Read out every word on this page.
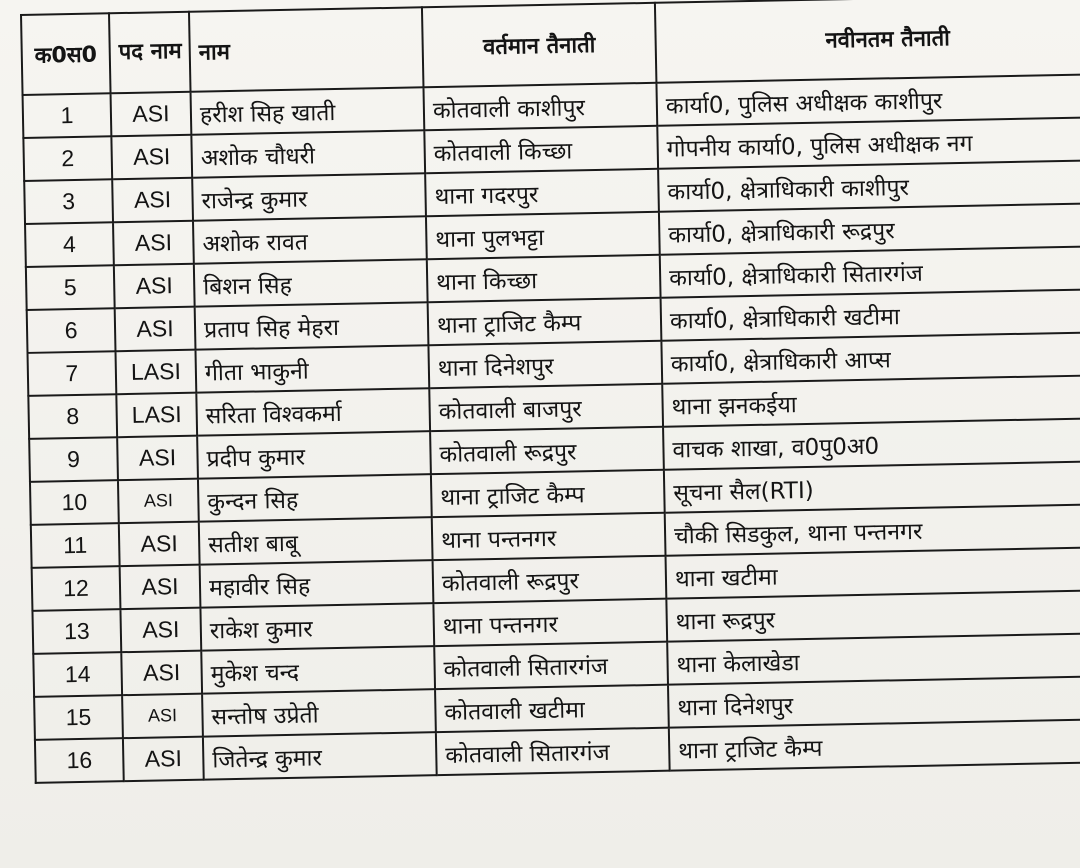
क0स0	पद नाम	नाम	वर्तमान तैनाती	नवीनतम तैनाती
1	ASI	हरीश सिह खाती	कोतवाली काशीपुर	कार्या0, पुलिस अधीक्षक काशीपुर
2	ASI	अशोक चौधरी	कोतवाली किच्छा	गोपनीय कार्या0, पुलिस अधीक्षक नग
3	ASI	राजेन्द्र कुमार	थाना गदरपुर	कार्या0, क्षेत्राधिकारी काशीपुर
4	ASI	अशोक रावत	थाना पुलभट्टा	कार्या0, क्षेत्राधिकारी रूद्रपुर
5	ASI	बिशन सिह	थाना किच्छा	कार्या0, क्षेत्राधिकारी सितारगंज
6	ASI	प्रताप सिह मेहरा	थाना ट्राजिट कैम्प	कार्या0, क्षेत्राधिकारी खटीमा
7	LASI	गीता भाकुनी	थाना दिनेशपुर	कार्या0, क्षेत्राधिकारी आप्स
8	LASI	सरिता विश्वकर्मा	कोतवाली बाजपुर	थाना झनकईया
9	ASI	प्रदीप कुमार	कोतवाली रूद्रपुर	वाचक शाखा, व0पु0अ0
10	ASI	कुन्दन सिह	थाना ट्राजिट कैम्प	सूचना सैल(RTI)
11	ASI	सतीश बाबू	थाना पन्तनगर	चौकी सिडकुल, थाना पन्तनगर
12	ASI	महावीर सिह	कोतवाली रूद्रपुर	थाना खटीमा
13	ASI	राकेश कुमार	थाना पन्तनगर	थाना रूद्रपुर
14	ASI	मुकेश चन्द	कोतवाली सितारगंज	थाना केलाखेडा
15	ASI	सन्तोष उप्रेती	कोतवाली खटीमा	थाना दिनेशपुर
16	ASI	जितेन्द्र कुमार	कोतवाली सितारगंज	थाना ट्राजिट कैम्प
